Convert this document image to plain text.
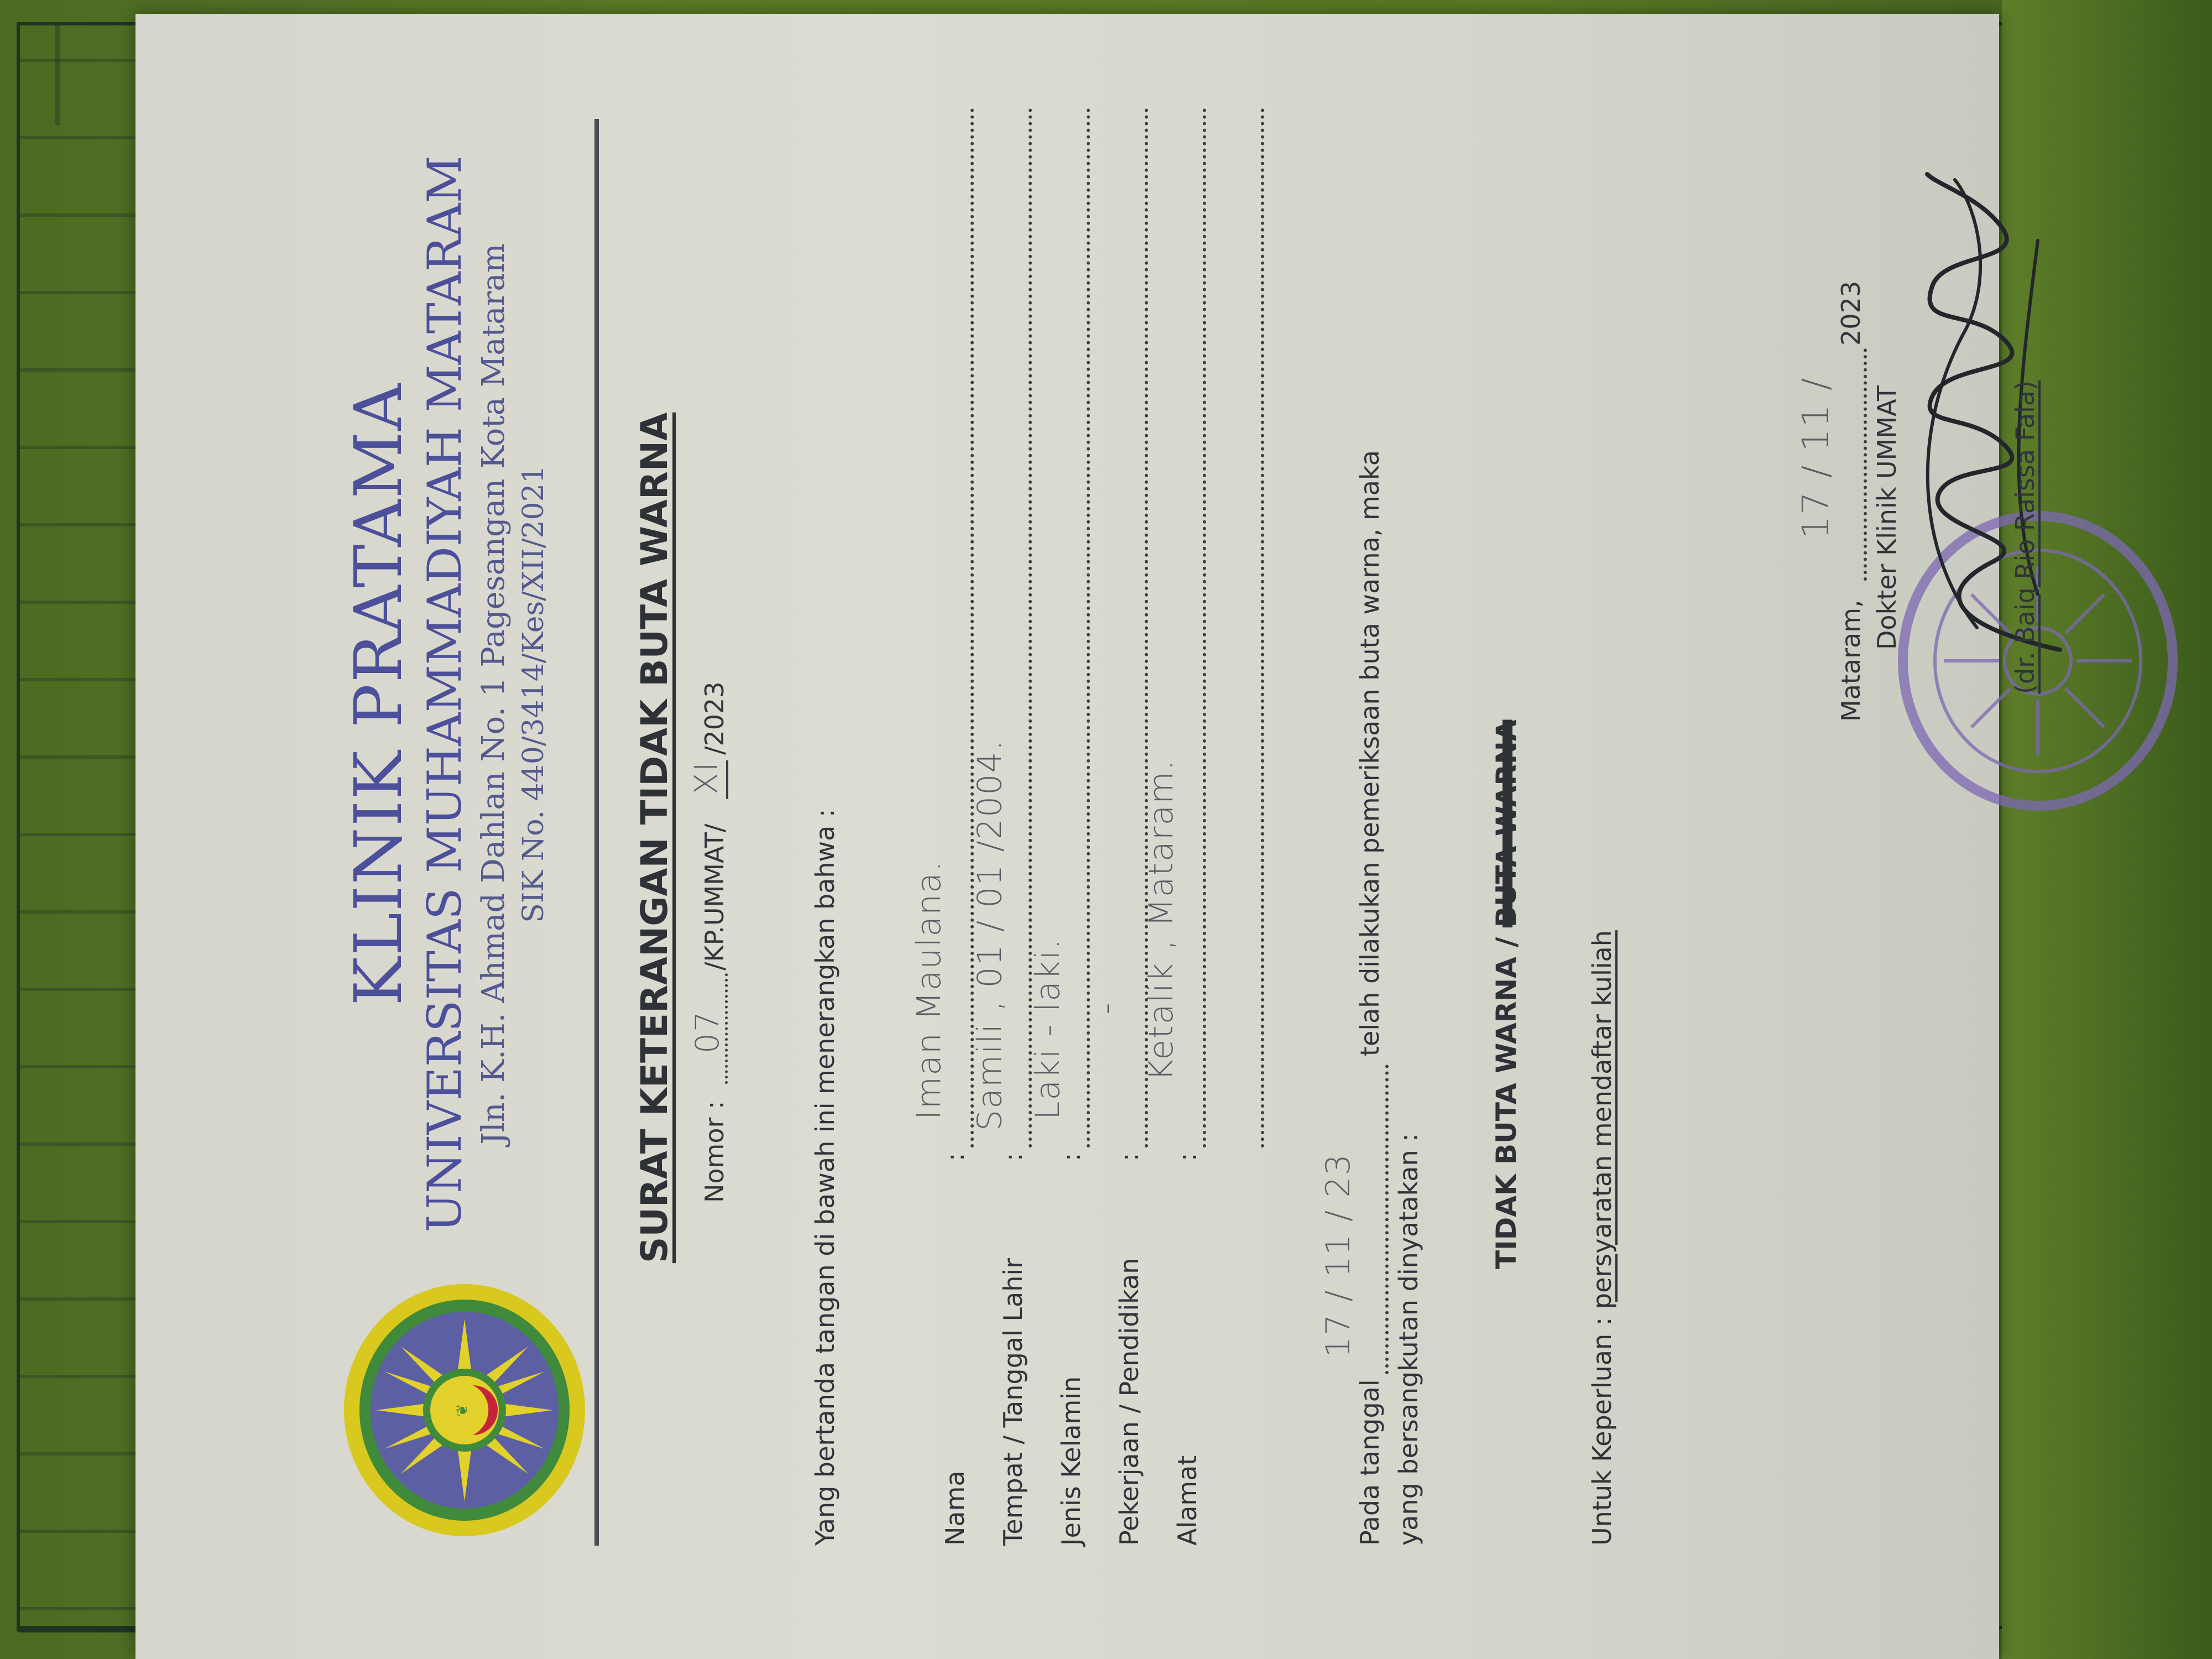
❦
KLINIK PRATAMA UNIVERSITAS MUHAMMADIYAH MATARAM Jln. K.H. Ahmad Dahlan No. 1 Pagesangan Kota Mataram SIK No. 440/3414/Kes/XII/2021 SURAT KETERANGAN TIDAK BUTA WARNA Nomor :
07
/KP.UMMAT/
XI
/2023
Yang bertanda tangan di bawah ini menerangkan bahwa :	Nama
:
Iman Maulana.
Tempat / Tanggal Lahir
:
Samili , 01 / 01 /2004.
Jenis Kelamin
:
Laki - laki.
Pekerjaan / Pendidikan
:
-
Alamat
:
Ketalik , Mataram.
Pada tanggal
17 / 11 / 23
telah dilakukan pemeriksaan buta warna, maka
yang bersangkutan dinyatakan :
TIDAK BUTA WARNA / BUTA WARNA
Untuk Keperluan : persyaratan mendaftar kuliah
Mataram,
17 / 11 /
2023
Dokter Klinik UMMAT	(dr. Baiq Rio Raissa Fala)
